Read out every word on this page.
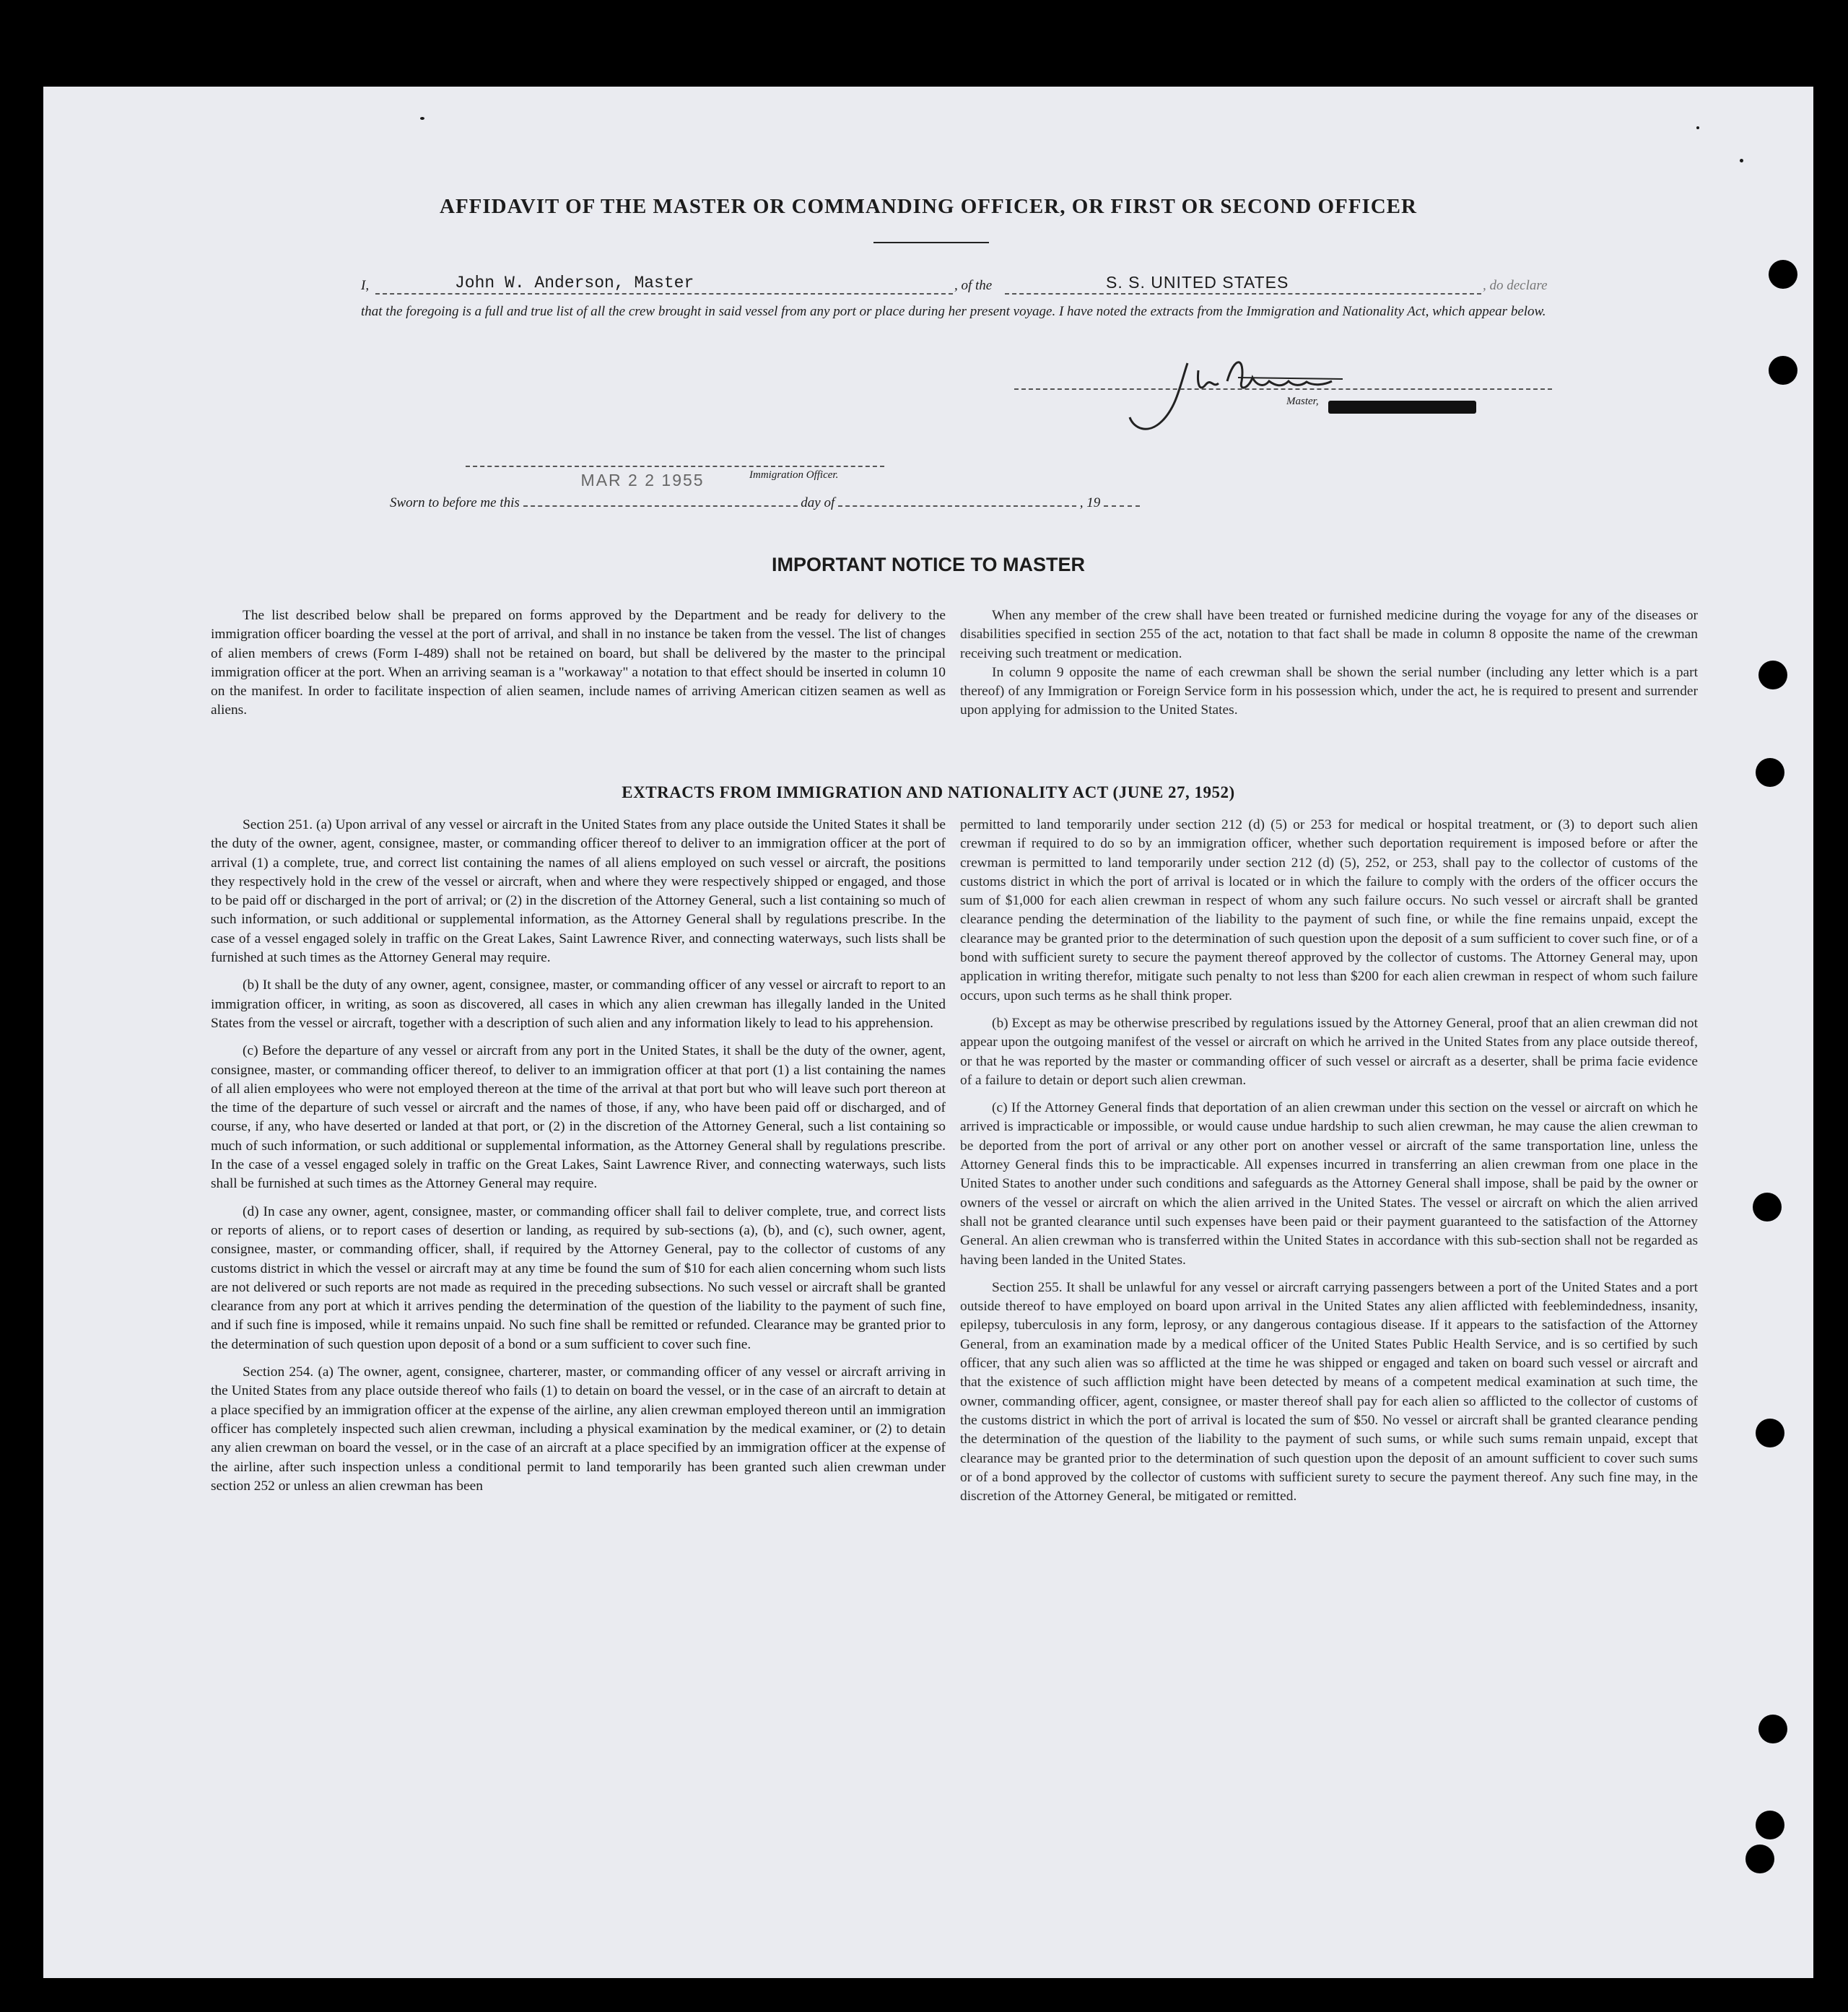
AFFIDAVIT OF THE MASTER OR COMMANDING OFFICER, OR FIRST OR SECOND OFFICER
I,	John W. Anderson, Master	, of the	S. S. UNITED STATES	, do declare
that the foregoing is a full and true list of all the crew brought in said vessel from any port or place during her present voyage. I have noted the extracts from the Immigration and Nationality Act, which appear below.
Master,
Sworn to before me this
MAR 2 2 1955
day of	, 19
Immigration Officer.
IMPORTANT NOTICE TO MASTER

The list described below shall be prepared on forms approved by the Department and be ready for delivery to the immigration officer boarding the vessel at the port of arrival, and shall in no instance be taken from the vessel. The list of changes of alien members of crews (Form I-489) shall not be retained on board, but shall be delivered by the master to the principal immigration officer at the port. When an arriving seaman is a "workaway" a notation to that effect should be inserted in column 10 on the manifest. In order to facilitate inspection of alien seamen, include names of arriving American citizen seamen as well as aliens.

When any member of the crew shall have been treated or furnished medicine during the voyage for any of the diseases or disabilities specified in section 255 of the act, notation to that fact shall be made in column 8 opposite the name of the crewman receiving such treatment or medication.

In column 9 opposite the name of each crewman shall be shown the serial number (including any letter which is a part thereof) of any Immigration or Foreign Service form in his possession which, under the act, he is required to present and surrender upon applying for admission to the United States.

EXTRACTS FROM IMMIGRATION AND NATIONALITY ACT (JUNE 27, 1952)

Section 251. (a) Upon arrival of any vessel or aircraft in the United States from any place outside the United States it shall be the duty of the owner, agent, consignee, master, or commanding officer thereof to deliver to an immigration officer at the port of arrival (1) a complete, true, and correct list containing the names of all aliens employed on such vessel or aircraft, the positions they respectively hold in the crew of the vessel or aircraft, when and where they were respectively shipped or engaged, and those to be paid off or discharged in the port of arrival; or (2) in the discretion of the Attorney General, such a list containing so much of such information, or such additional or supplemental information, as the Attorney General shall by regulations prescribe. In the case of a vessel engaged solely in traffic on the Great Lakes, Saint Lawrence River, and connecting waterways, such lists shall be furnished at such times as the Attorney General may require.

(b) It shall be the duty of any owner, agent, consignee, master, or commanding officer of any vessel or aircraft to report to an immigration officer, in writing, as soon as discovered, all cases in which any alien crewman has illegally landed in the United States from the vessel or aircraft, together with a description of such alien and any information likely to lead to his apprehension.

(c) Before the departure of any vessel or aircraft from any port in the United States, it shall be the duty of the owner, agent, consignee, master, or commanding officer thereof, to deliver to an immigration officer at that port (1) a list containing the names of all alien employees who were not employed thereon at the time of the arrival at that port but who will leave such port thereon at the time of the departure of such vessel or aircraft and the names of those, if any, who have been paid off or discharged, and of course, if any, who have deserted or landed at that port, or (2) in the discretion of the Attorney General, such a list containing so much of such information, or such additional or supplemental information, as the Attorney General shall by regulations prescribe. In the case of a vessel engaged solely in traffic on the Great Lakes, Saint Lawrence River, and connecting waterways, such lists shall be furnished at such times as the Attorney General may require.

(d) In case any owner, agent, consignee, master, or commanding officer shall fail to deliver complete, true, and correct lists or reports of aliens, or to report cases of desertion or landing, as required by sub-sections (a), (b), and (c), such owner, agent, consignee, master, or commanding officer, shall, if required by the Attorney General, pay to the collector of customs of any customs district in which the vessel or aircraft may at any time be found the sum of $10 for each alien concerning whom such lists are not delivered or such reports are not made as required in the preceding subsections. No such vessel or aircraft shall be granted clearance from any port at which it arrives pending the determination of the question of the liability to the payment of such fine, and if such fine is imposed, while it remains unpaid. No such fine shall be remitted or refunded. Clearance may be granted prior to the determination of such question upon deposit of a bond or a sum sufficient to cover such fine.

Section 254. (a) The owner, agent, consignee, charterer, master, or commanding officer of any vessel or aircraft arriving in the United States from any place outside thereof who fails (1) to detain on board the vessel, or in the case of an aircraft to detain at a place specified by an immigration officer at the expense of the airline, any alien crewman employed thereon until an immigration officer has completely inspected such alien crewman, including a physical examination by the medical examiner, or (2) to detain any alien crewman on board the vessel, or in the case of an aircraft at a place specified by an immigration officer at the expense of the airline, after such inspection unless a conditional permit to land temporarily has been granted such alien crewman under section 252 or unless an alien crewman has been

permitted to land temporarily under section 212 (d) (5) or 253 for medical or hospital treatment, or (3) to deport such alien crewman if required to do so by an immigration officer, whether such deportation requirement is imposed before or after the crewman is permitted to land temporarily under section 212 (d) (5), 252, or 253, shall pay to the collector of customs of the customs district in which the port of arrival is located or in which the failure to comply with the orders of the officer occurs the sum of $1,000 for each alien crewman in respect of whom any such failure occurs. No such vessel or aircraft shall be granted clearance pending the determination of the liability to the payment of such fine, or while the fine remains unpaid, except the clearance may be granted prior to the determination of such question upon the deposit of a sum sufficient to cover such fine, or of a bond with sufficient surety to secure the payment thereof approved by the collector of customs. The Attorney General may, upon application in writing therefor, mitigate such penalty to not less than $200 for each alien crewman in respect of whom such failure occurs, upon such terms as he shall think proper.

(b) Except as may be otherwise prescribed by regulations issued by the Attorney General, proof that an alien crewman did not appear upon the outgoing manifest of the vessel or aircraft on which he arrived in the United States from any place outside thereof, or that he was reported by the master or commanding officer of such vessel or aircraft as a deserter, shall be prima facie evidence of a failure to detain or deport such alien crewman.

(c) If the Attorney General finds that deportation of an alien crewman under this section on the vessel or aircraft on which he arrived is impracticable or impossible, or would cause undue hardship to such alien crewman, he may cause the alien crewman to be deported from the port of arrival or any other port on another vessel or aircraft of the same transportation line, unless the Attorney General finds this to be impracticable. All expenses incurred in transferring an alien crewman from one place in the United States to another under such conditions and safeguards as the Attorney General shall impose, shall be paid by the owner or owners of the vessel or aircraft on which the alien arrived in the United States. The vessel or aircraft on which the alien arrived shall not be granted clearance until such expenses have been paid or their payment guaranteed to the satisfaction of the Attorney General. An alien crewman who is transferred within the United States in accordance with this sub-section shall not be regarded as having been landed in the United States.

Section 255. It shall be unlawful for any vessel or aircraft carrying passengers between a port of the United States and a port outside thereof to have employed on board upon arrival in the United States any alien afflicted with feeblemindedness, insanity, epilepsy, tuberculosis in any form, leprosy, or any dangerous contagious disease. If it appears to the satisfaction of the Attorney General, from an examination made by a medical officer of the United States Public Health Service, and is so certified by such officer, that any such alien was so afflicted at the time he was shipped or engaged and taken on board such vessel or aircraft and that the existence of such affliction might have been detected by means of a competent medical examination at such time, the owner, commanding officer, agent, consignee, or master thereof shall pay for each alien so afflicted to the collector of customs of the customs district in which the port of arrival is located the sum of $50. No vessel or aircraft shall be granted clearance pending the determination of the question of the liability to the payment of such sums, or while such sums remain unpaid, except that clearance may be granted prior to the determination of such question upon the deposit of an amount sufficient to cover such sums or of a bond approved by the collector of customs with sufficient surety to secure the payment thereof. Any such fine may, in the discretion of the Attorney General, be mitigated or remitted.
